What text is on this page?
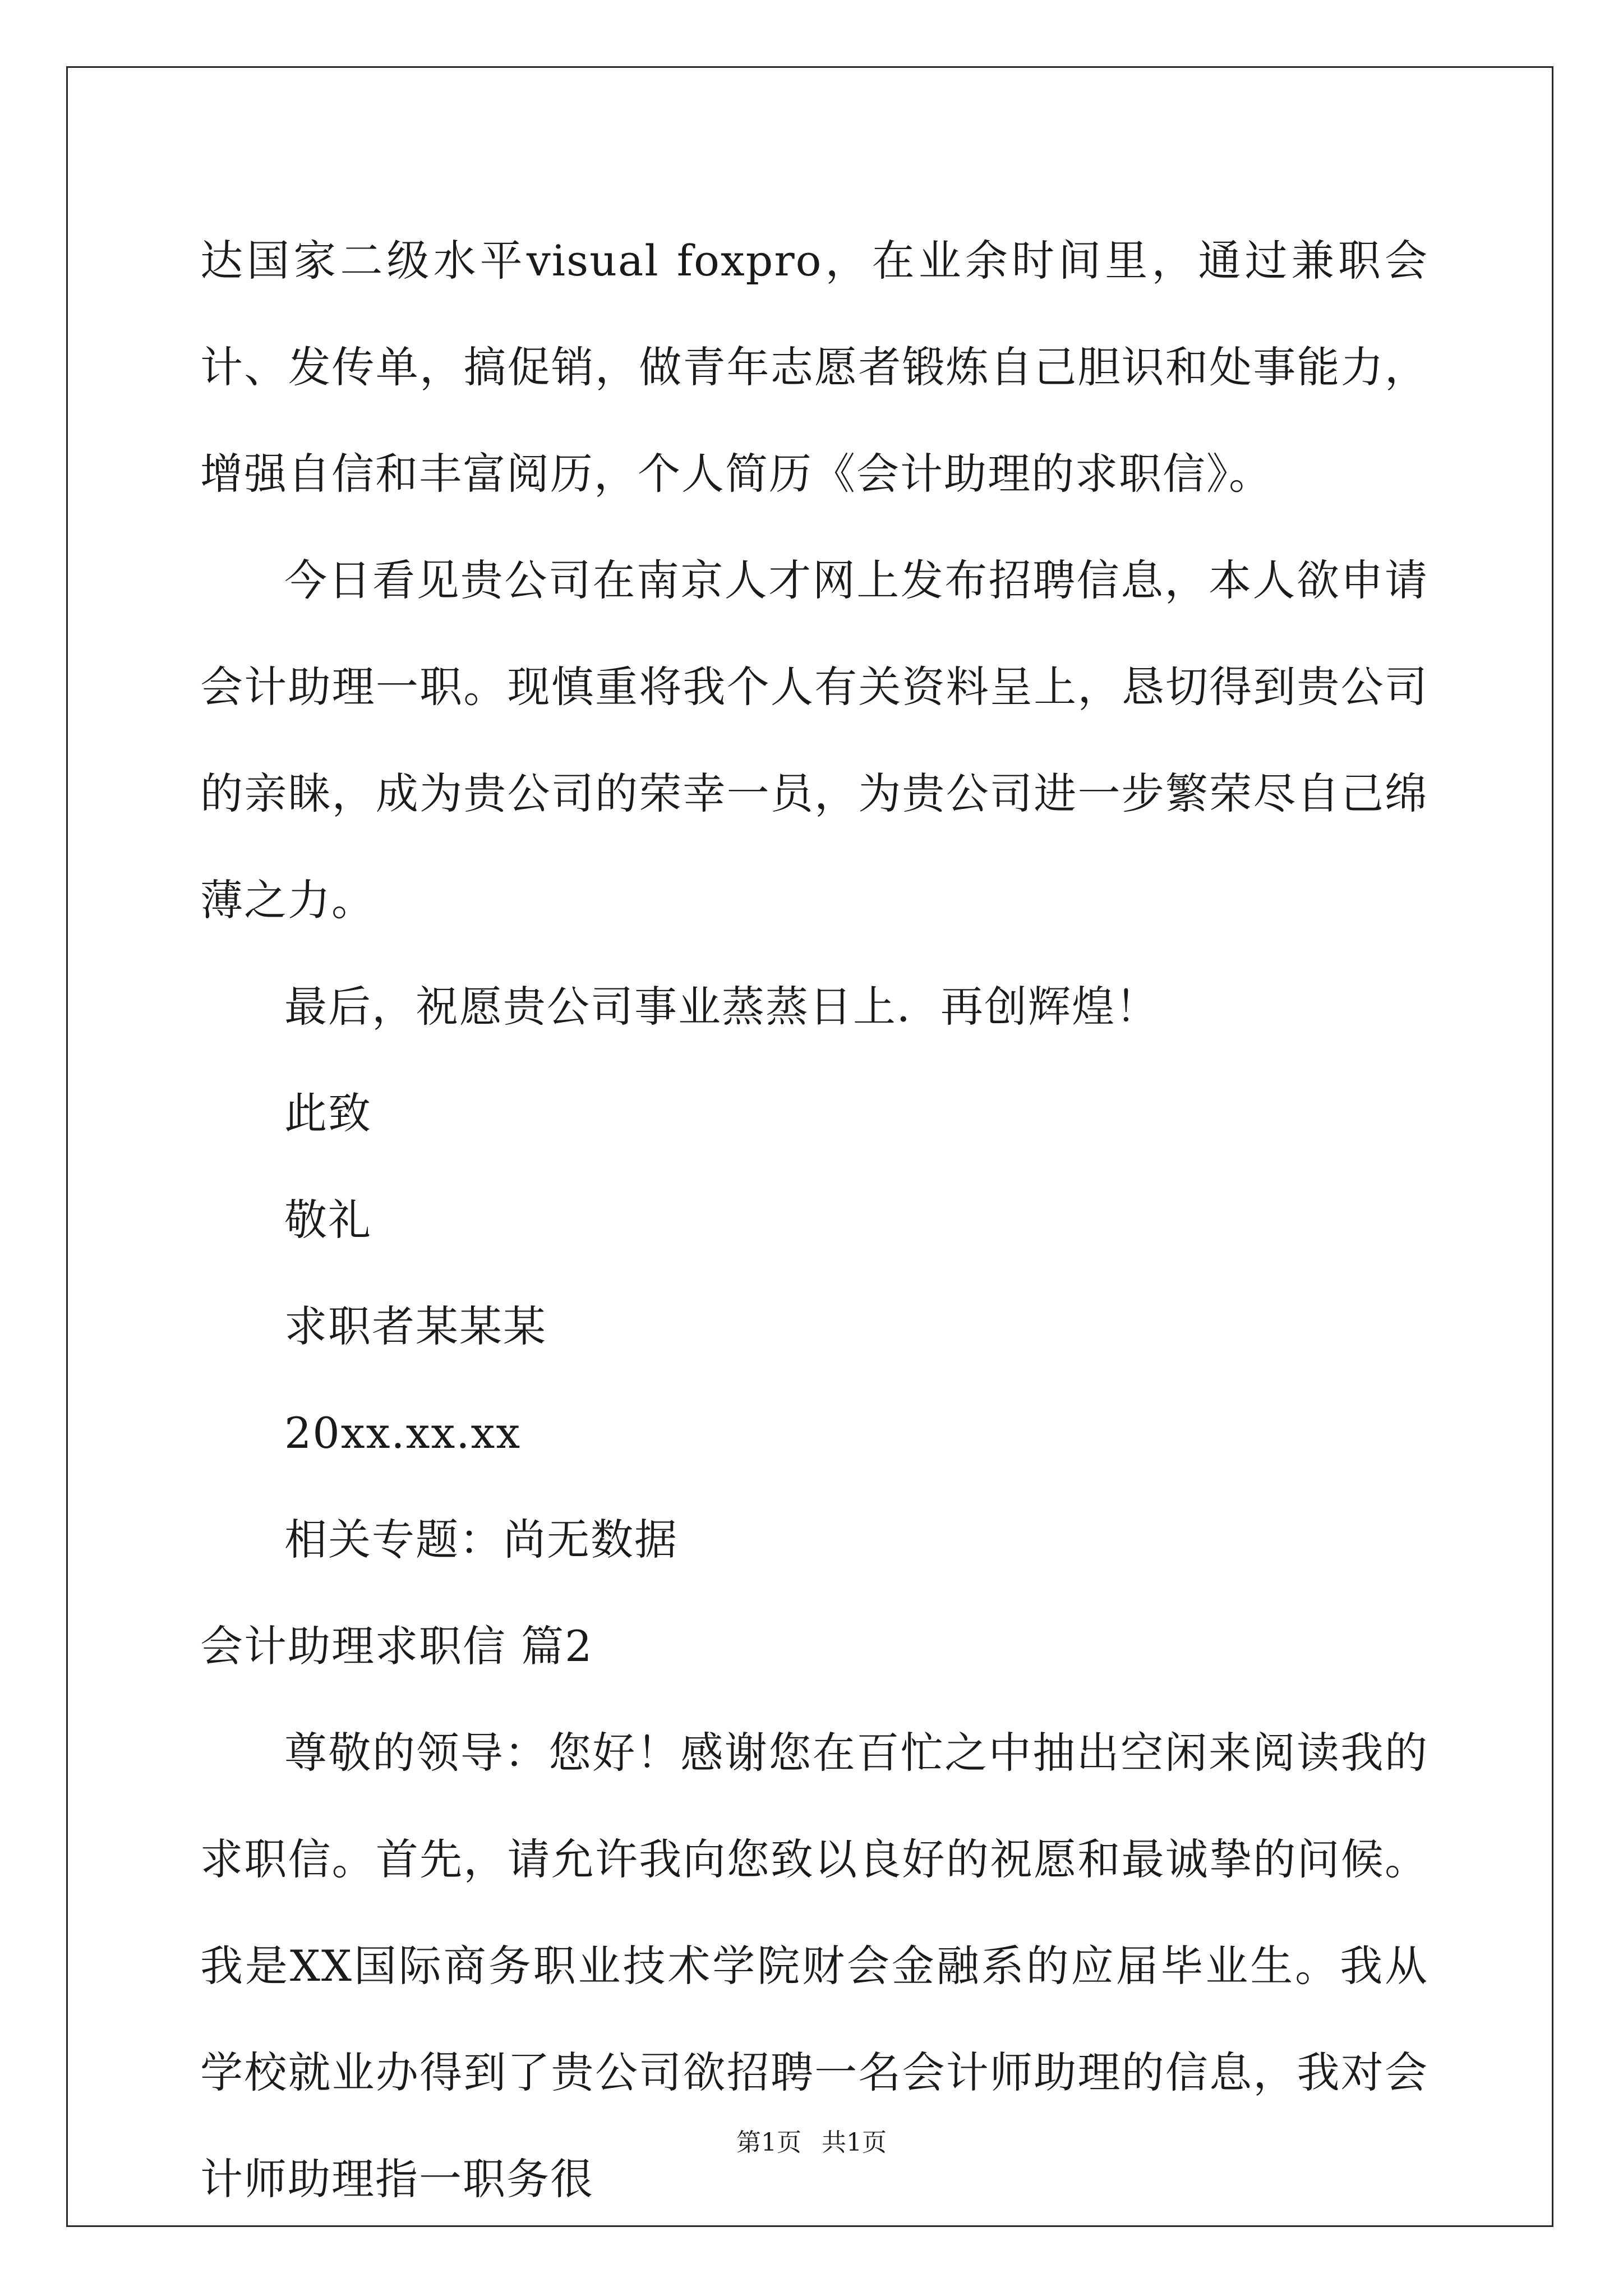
达国家二级水平visual foxpro，在业余时间里，通过兼职会计、发传单，搞促销，做青年志愿者锻炼自己胆识和处事能力，增强自信和丰富阅历，个人简历《会计助理的求职信》。

今日看见贵公司在南京人才网上发布招聘信息，本人欲申请会计助理一职。现慎重将我个人有关资料呈上，恳切得到贵公司的亲睐，成为贵公司的荣幸一员，为贵公司进一步繁荣尽自己绵薄之力。

最后，祝愿贵公司事业蒸蒸日上．再创辉煌！

此致

敬礼

求职者某某某

20xx.xx.xx

相关专题：尚无数据

会计助理求职信 篇2

尊敬的领导：您好！感谢您在百忙之中抽出空闲来阅读我的求职信。首先，请允许我向您致以良好的祝愿和最诚挚的问候。我是XX国际商务职业技术学院财会金融系的应届毕业生。我从学校就业办得到了贵公司欲招聘一名会计师助理的信息，我对会计师助理指一职务很

第1页 共1页
